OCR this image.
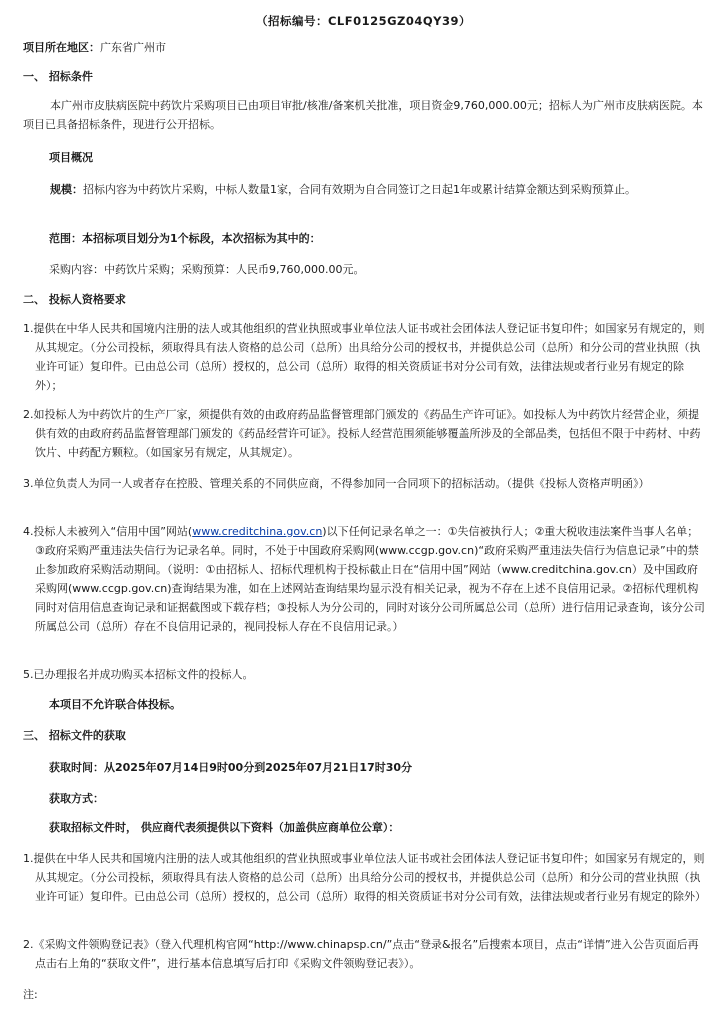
（招标编号：CLF0125GZ04QY39）
项目所在地区：广东省广州市
一、 招标条件
本广州市皮肤病医院中药饮片采购项目已由项目审批/核准/备案机关批准，项目资金9,760,000.00元；招标人为广州市皮肤病医院。本项目已具备招标条件，现进行公开招标。
项目概况
规模：招标内容为中药饮片采购，中标人数量1家，合同有效期为自合同签订之日起1年或累计结算金额达到采购预算止。
范围：本招标项目划分为1个标段，本次招标为其中的：
采购内容：中药饮片采购；采购预算：人民币9,760,000.00元。
二、 投标人资格要求
1.提供在中华人民共和国境内注册的法人或其他组织的营业执照或事业单位法人证书或社会团体法人登记证书复印件；如国家另有规定的，则从其规定。（分公司投标，须取得具有法人资格的总公司（总所）出具给分公司的授权书，并提供总公司（总所）和分公司的营业执照（执业许可证）复印件。已由总公司（总所）授权的，总公司（总所）取得的相关资质证书对分公司有效，法律法规或者行业另有规定的除外）；
2.如投标人为中药饮片的生产厂家，须提供有效的由政府药品监督管理部门颁发的《药品生产许可证》。如投标人为中药饮片经营企业，须提供有效的由政府药品监督管理部门颁发的《药品经营许可证》。投标人经营范围须能够覆盖所涉及的全部品类，包括但不限于中药材、中药饮片、中药配方颗粒。（如国家另有规定，从其规定）。
3.单位负责人为同一人或者存在控股、管理关系的不同供应商，不得参加同一合同项下的招标活动。（提供《投标人资格声明函》）
4.投标人未被列入“信用中国”网站(www.creditchina.gov.cn)以下任何记录名单之一：①失信被执行人；②重大税收违法案件当事人名单；③政府采购严重违法失信行为记录名单。同时，不处于中国政府采购网(www.ccgp.gov.cn)“政府采购严重违法失信行为信息记录”中的禁止参加政府采购活动期间。（说明：①由招标人、招标代理机构于投标截止日在“信用中国”网站（www.creditchina.gov.cn）及中国政府采购网(www.ccgp.gov.cn)查询结果为准，如在上述网站查询结果均显示没有相关记录，视为不存在上述不良信用记录。②招标代理机构同时对信用信息查询记录和证据截图或下载存档；③投标人为分公司的，同时对该分公司所属总公司（总所）进行信用记录查询，该分公司所属总公司（总所）存在不良信用记录的，视同投标人存在不良信用记录。）
5.已办理报名并成功购买本招标文件的投标人。
本项目不允许联合体投标。
三、 招标文件的获取
获取时间：从2025年07月14日9时00分到2025年07月21日17时30分
获取方式：
获取招标文件时， 供应商代表须提供以下资料（加盖供应商单位公章）：
1.提供在中华人民共和国境内注册的法人或其他组织的营业执照或事业单位法人证书或社会团体法人登记证书复印件；如国家另有规定的，则从其规定。（分公司投标，须取得具有法人资格的总公司（总所）出具给分公司的授权书，并提供总公司（总所）和分公司的营业执照（执业许可证）复印件。已由总公司（总所）授权的，总公司（总所）取得的相关资质证书对分公司有效，法律法规或者行业另有规定的除外）
2.《采购文件领购登记表》（登入代理机构官网“http://www.chinapsp.cn/”点击“登录&报名”后搜索本项目，点击“详情”进入公告页面后再点击右上角的“获取文件”，进行基本信息填写后打印《采购文件领购登记表》）。
注:
